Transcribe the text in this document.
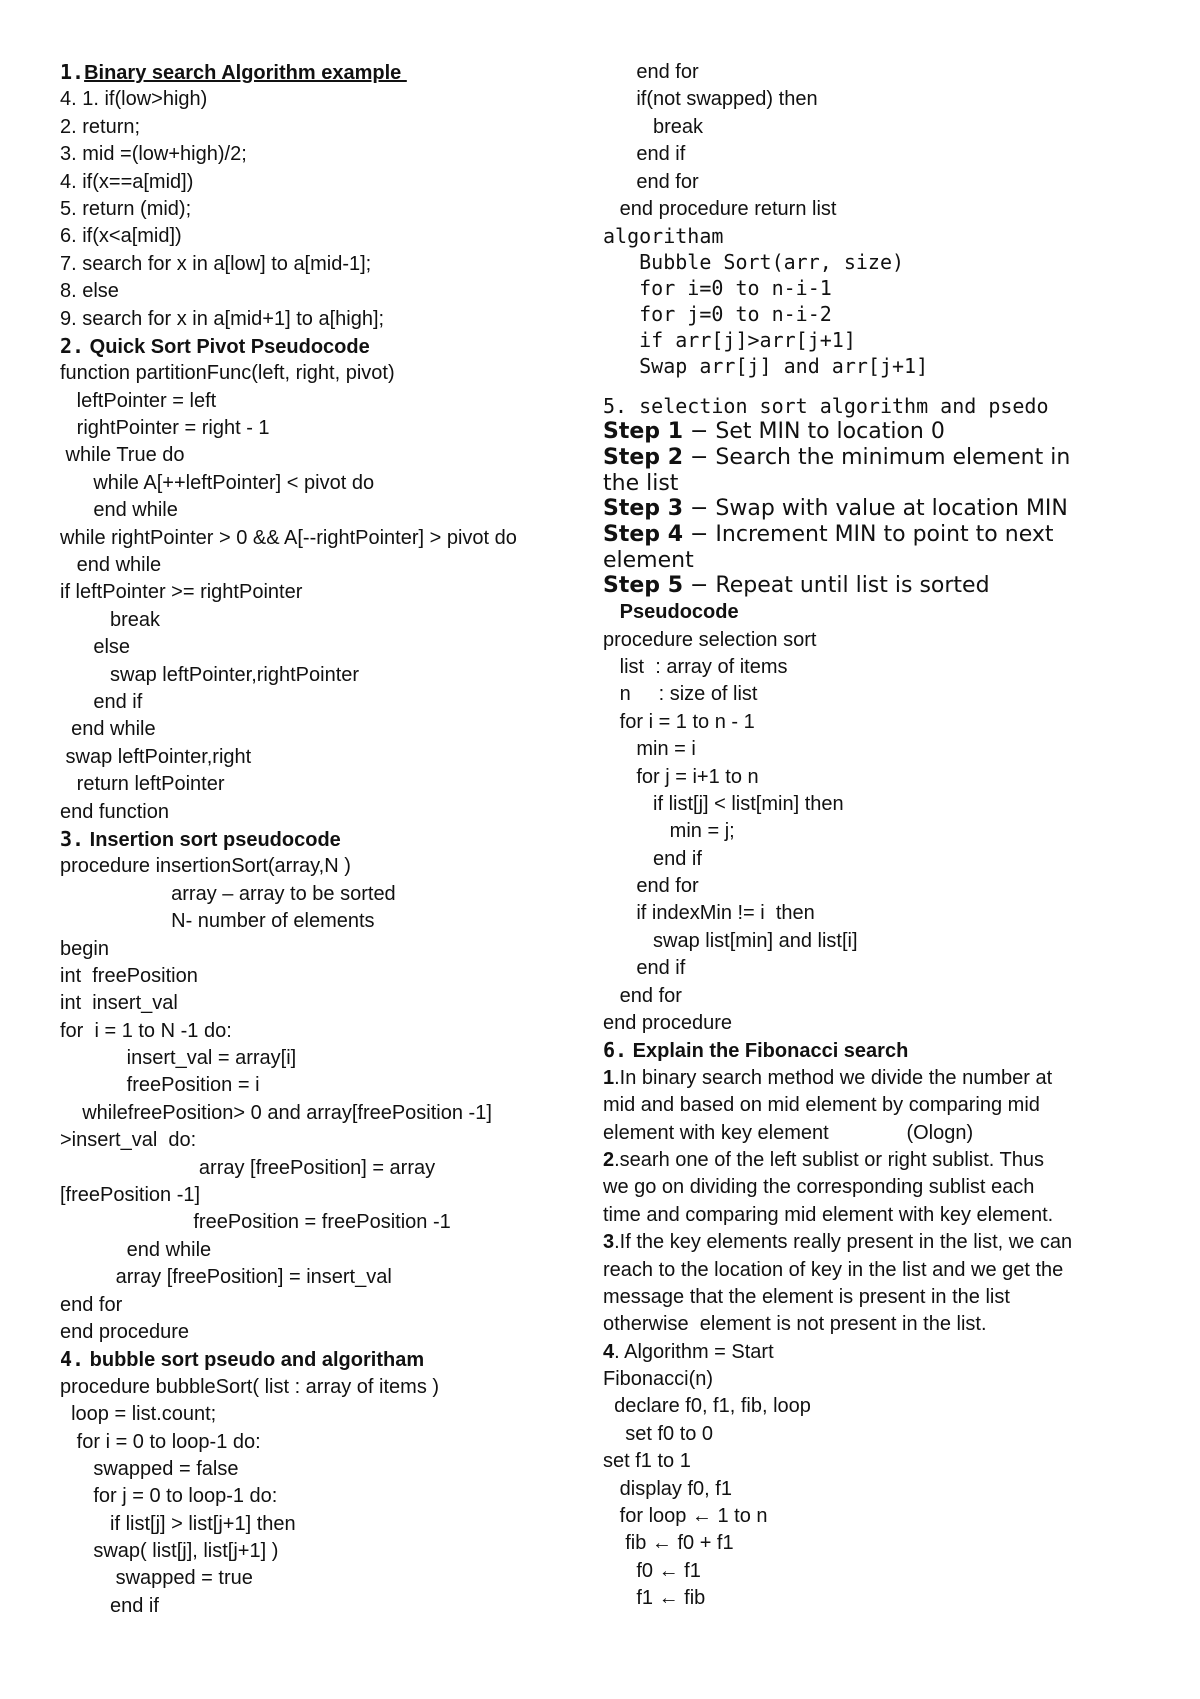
1.Binary search Algorithm example
4. 1. if(low>high)
2. return;
3. mid =(low+high)/2;
4. if(x==a[mid])
5. return (mid);
6. if(x<a[mid])
7. search for x in a[low] to a[mid-1];
8. else
9. search for x in a[mid+1] to a[high];
2. Quick Sort Pivot Pseudocode
function partitionFunc(left, right, pivot)
leftPointer = left
rightPointer = right - 1
while True do
while A[++leftPointer] < pivot do
end while
while rightPointer > 0 && A[--rightPointer] > pivot do
end while
if leftPointer >= rightPointer
break
else
swap leftPointer,rightPointer
end if
end while
swap leftPointer,right
return leftPointer
end function
3. Insertion sort pseudocode
procedure insertionSort(array,N )
array – array to be sorted
N- number of elements
begin
int  freePosition
int  insert_val
for  i = 1 to N -1 do:
insert_val = array[i]
freePosition = i
whilefreePosition> 0 and array[freePosition -1]
>insert_val  do:
array [freePosition] = array
[freePosition -1]
freePosition = freePosition -1
end while
array [freePosition] = insert_val
end for
end procedure
4. bubble sort pseudo and algoritham
procedure bubbleSort( list : array of items )
loop = list.count;
for i = 0 to loop-1 do:
swapped = false
for j = 0 to loop-1 do:
if list[j] > list[j+1] then
swap( list[j], list[j+1] )
swapped = true
end if
end for
if(not swapped) then
break
end if
end for
end procedure return list
algoritham
Bubble Sort(arr, size)
for i=0 to n-i-1
for j=0 to n-i-2
if arr[j]>arr[j+1]
Swap arr[j] and arr[j+1]
5. selection sort algorithm and psedo
Step 1 − Set MIN to location 0
Step 2 − Search the minimum element in
the list
Step 3 − Swap with value at location MIN
Step 4 − Increment MIN to point to next
element
Step 5 − Repeat until list is sorted
Pseudocode
procedure selection sort
list  : array of items
n     : size of list
for i = 1 to n - 1
min = i
for j = i+1 to n
if list[j] < list[min] then
min = j;
end if
end for
if indexMin != i  then
swap list[min] and list[i]
end if
end for
end procedure
6. Explain the Fibonacci search
1.In binary search method we divide the number at
mid and based on mid element by comparing mid
element with key element              (Ologn)
2.searh one of the left sublist or right sublist. Thus
we go on dividing the corresponding sublist each
time and comparing mid element with key element.
3.If the key elements really present in the list, we can
reach to the location of key in the list and we get the
message that the element is present in the list
otherwise  element is not present in the list.
4. Algorithm = Start
Fibonacci(n)
declare f0, f1, fib, loop
set f0 to 0
set f1 to 1
display f0, f1
for loop ← 1 to n
fib ← f0 + f1
f0 ← f1
f1 ← fib
